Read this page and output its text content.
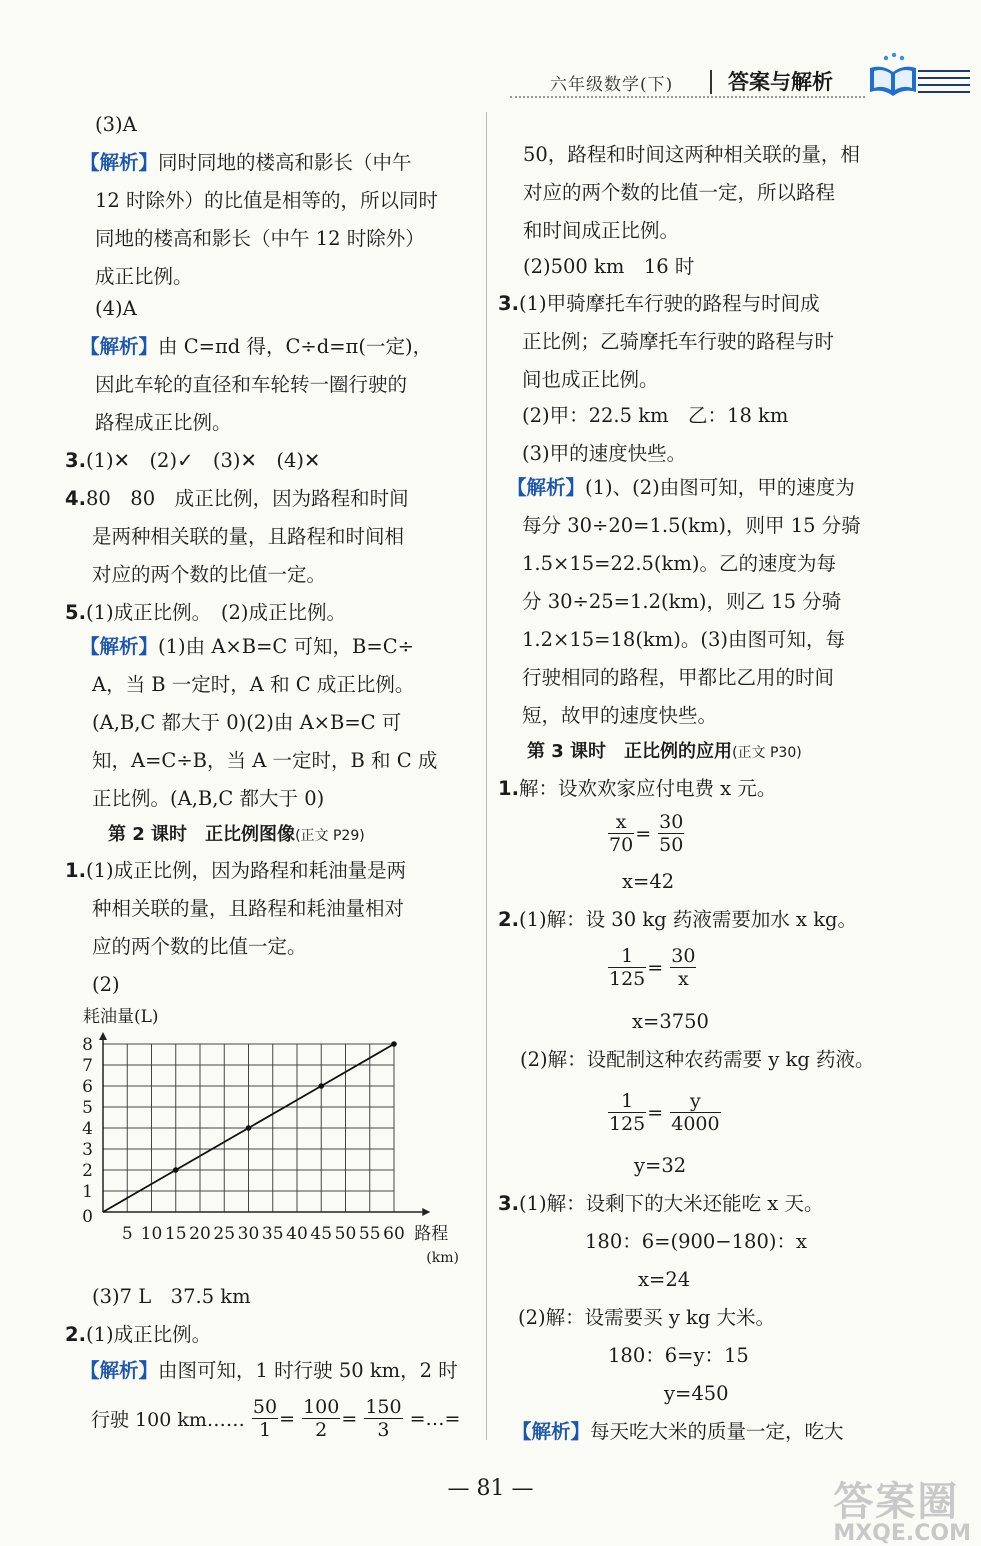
六年级数学(下)	答案与解析
(3)A
【解析】同时同地的楼高和影长（中午
12 时除外）的比值是相等的，所以同时
同地的楼高和影长（中午 12 时除外）
成正比例。
(4)A
【解析】由 C=πd 得，C÷d=π(一定)，
因此车轮的直径和车轮转一圈行驶的
路程成正比例。
3.(1)✕　(2)✓　(3)✕　(4)✕
4.80　80　成正比例，因为路程和时间
是两种相关联的量，且路程和时间相
对应的两个数的比值一定。
5.(1)成正比例。　(2)成正比例。
【解析】(1)由 A×B=C 可知，B=C÷
A，当 B 一定时，A 和 C 成正比例。
(A,B,C 都大于 0)(2)由 A×B=C 可
知，A=C÷B，当 A 一定时，B 和 C 成
正比例。(A,B,C 都大于 0)
第 2 课时　正比例图像(正文 P29)
1.(1)成正比例，因为路程和耗油量是两
种相关联的量，且路程和耗油量相对
应的两个数的比值一定。
(2)
5 10 15 20 25 30 35 40 45 50 55 60
1
2
3
4
5
6
7
8
0
耗油量(L)
路程
(km)
(3)7 L　37.5 km
2.(1)成正比例。
【解析】由图可知，1 时行驶 50 km，2 时
行驶 100 km…… $\frac{50}{1} = \frac{100}{2} = \frac{150}{3}$ =…=
50，路程和时间这两种相关联的量，相
对应的两个数的比值一定，所以路程
和时间成正比例。
(2)500 km　16 时
3.(1)甲骑摩托车行驶的路程与时间成
正比例；乙骑摩托车行驶的路程与时
间也成正比例。
(2)甲：22.5 km　乙：18 km
(3)甲的速度快些。
【解析】(1)、(2)由图可知，甲的速度为
每分 30÷20=1.5(km)，则甲 15 分骑
1.5×15=22.5(km)。乙的速度为每
分 30÷25=1.2(km)，则乙 15 分骑
1.2×15=18(km)。(3)由图可知，每
行驶相同的路程，甲都比乙用的时间
短，故甲的速度快些。
第 3 课时　正比例的应用(正文 P30)
1.解：设欢欢家应付电费 x 元。
$\frac{x}{70} = \frac{30}{50}$
x=42
2.(1)解：设 30 kg 药液需要加水 x kg。
$\frac{1}{125} = \frac{30}{x}$
x=3750
(2)解：设配制这种农药需要 y kg 药液。
$\frac{1}{125} = \frac{y}{4000}$
y=32
3.(1)解：设剩下的大米还能吃 x 天。
180：6=(900−180)：x
x=24
(2)解：设需要买 y kg 大米。
180：6=y：15
y=450
【解析】每天吃大米的质量一定，吃大
— 81 —	答案圈
MXQE.COM
